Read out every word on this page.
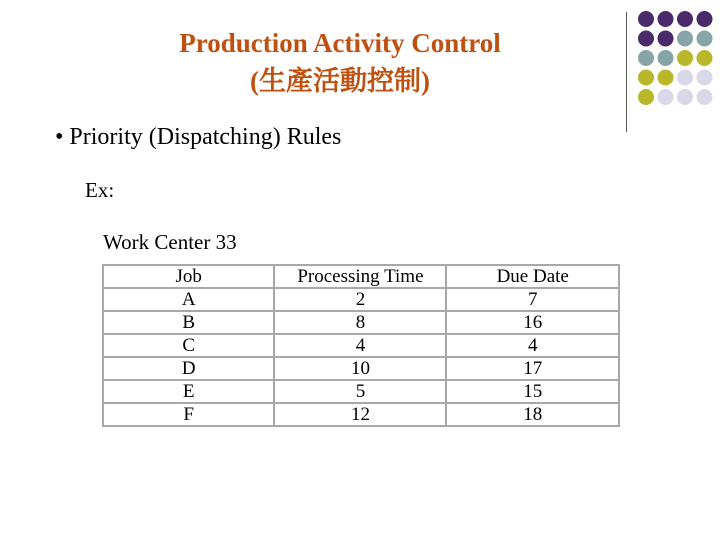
Production Activity Control
(生產活動控制)
• Priority (Dispatching) Rules
Ex:
Work Center 33
Job	Processing Time	Due Date
A	2	7
B	8	16
C	4	4
D	10	17
E	5	15
F	12	18
